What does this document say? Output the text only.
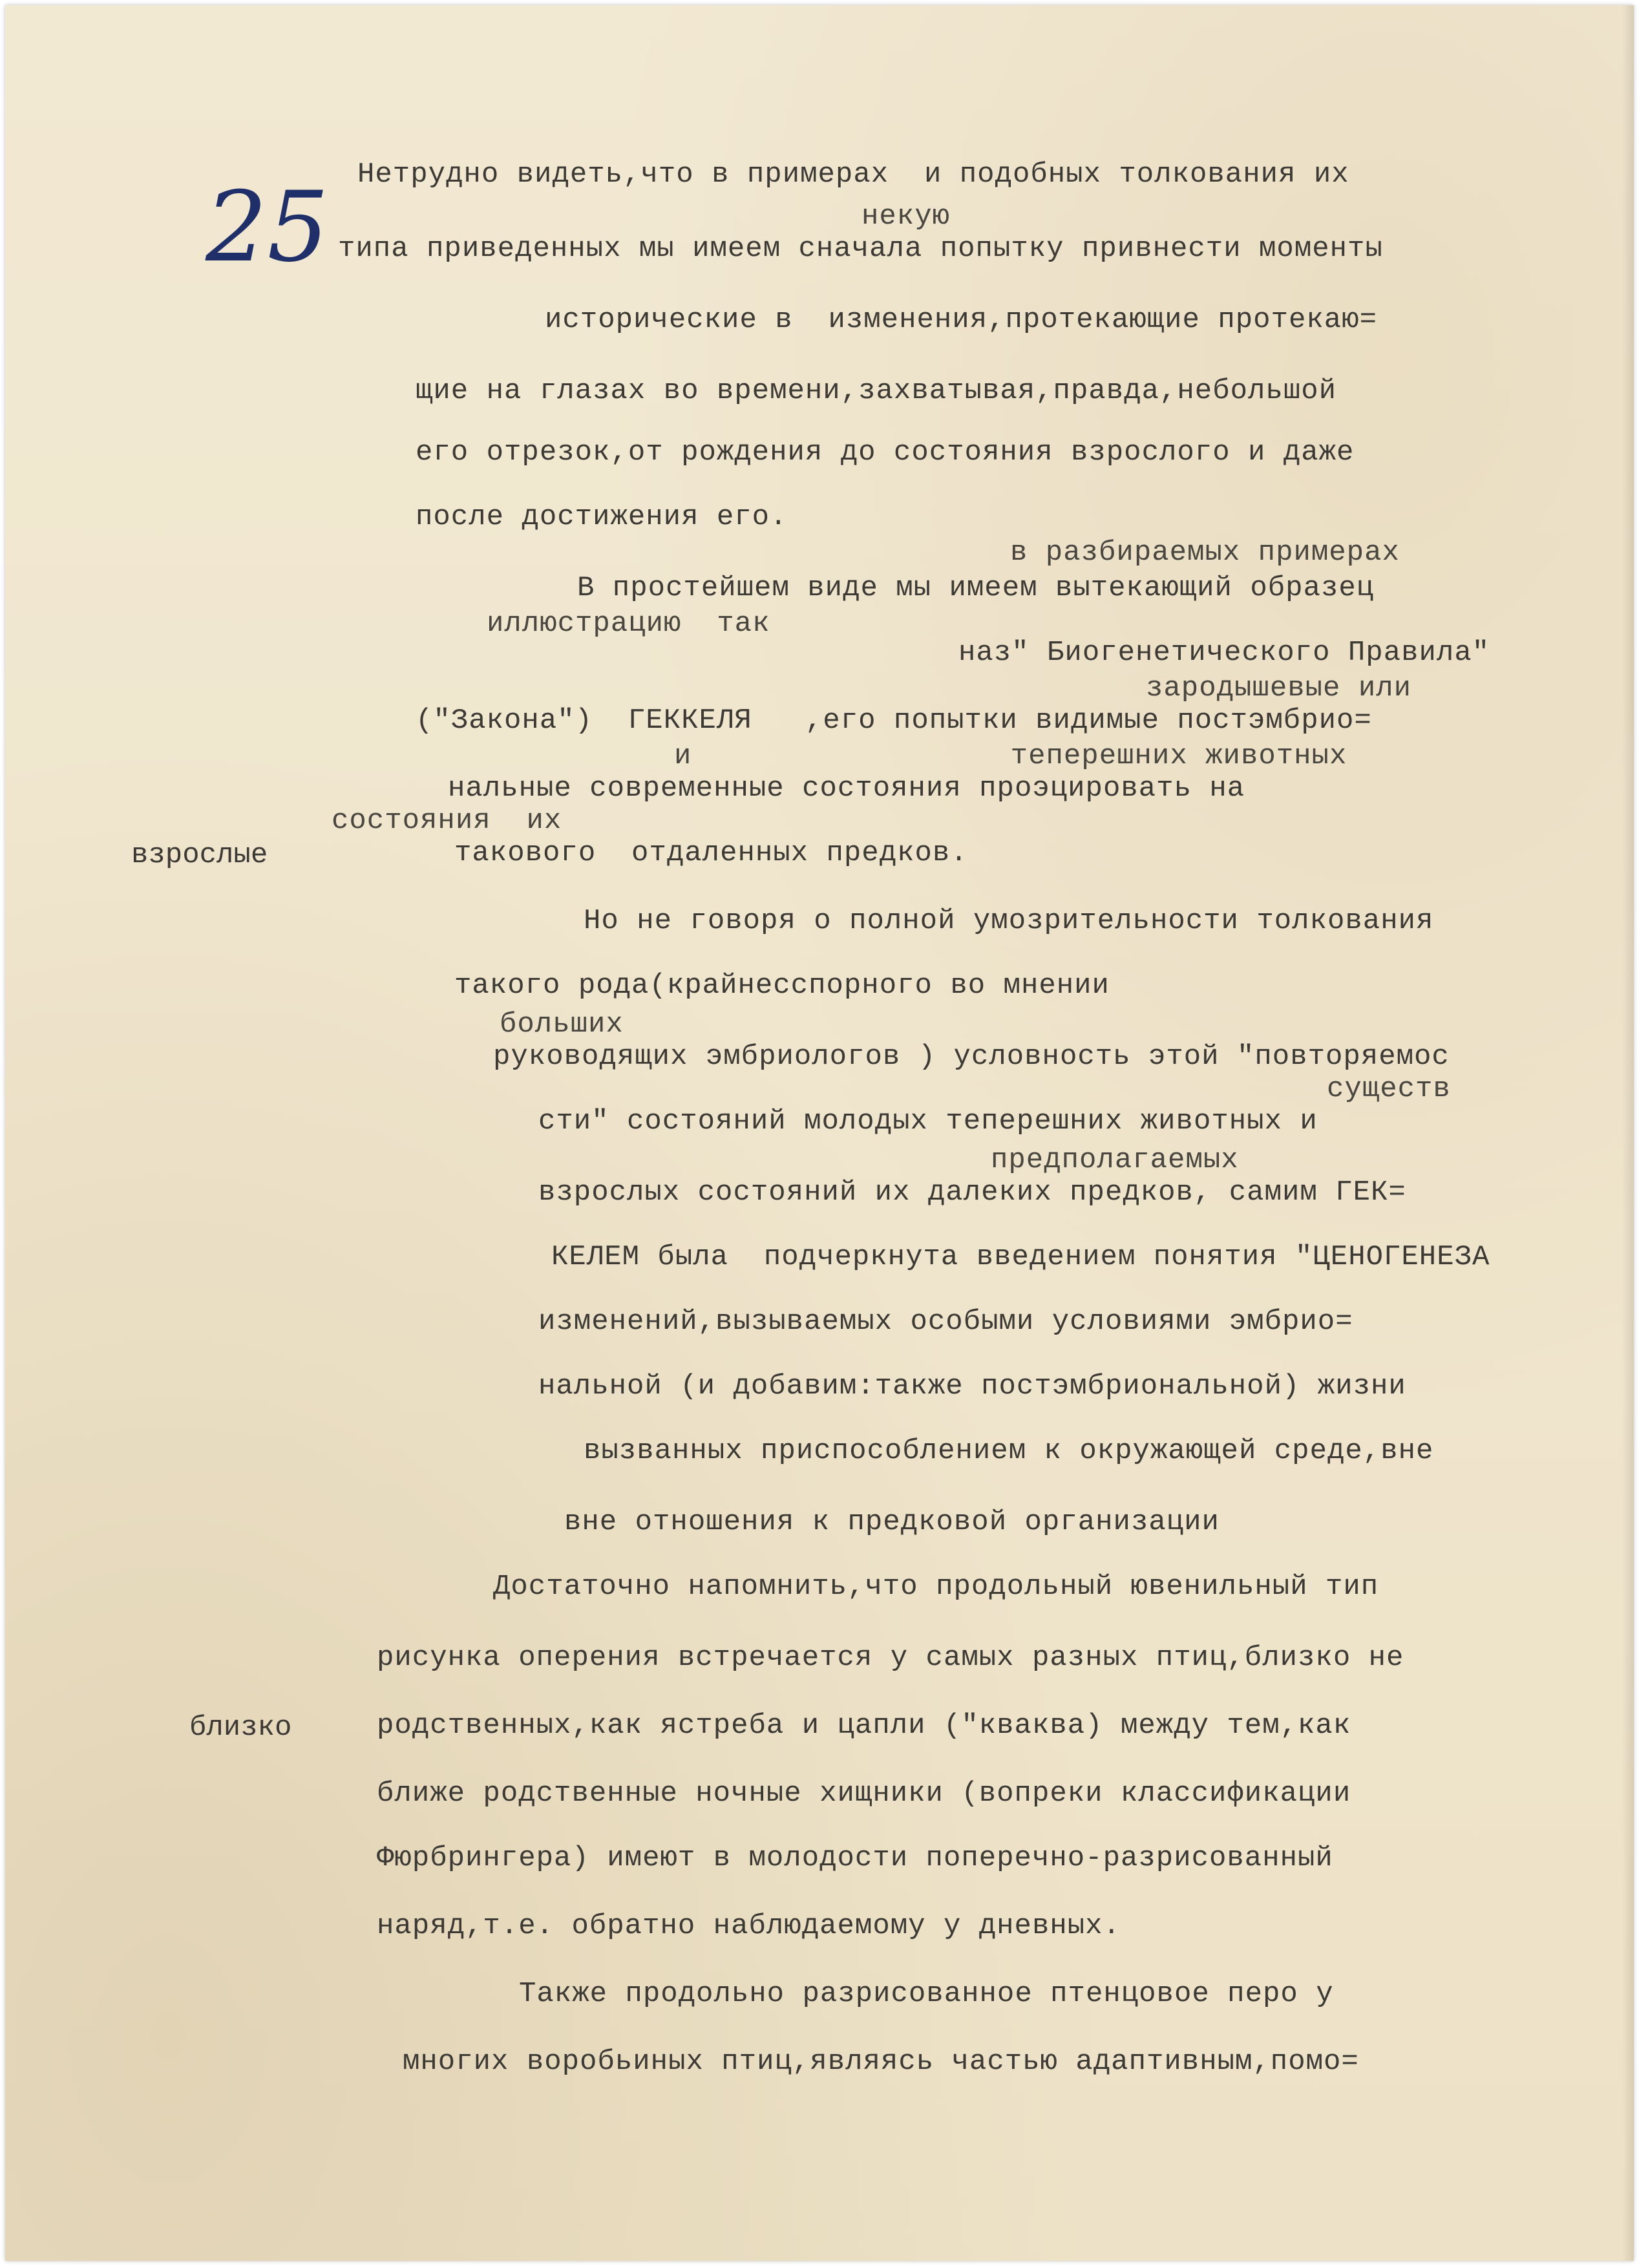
25 Нетрудно видеть,что в примерах  и подобных толкования их
некую
типа приведенных мы имеем сначала попытку привнести моменты
исторические в  изменения,протекающие протекаю=
щие на глазах во времени,захватывая,правда,небольшой
его отрезок,от рождения до состояния взрослого и даже
после достижения его.
в разбираемых примерах
В простейшем виде мы имеем вытекающий образец
иллюстрацию  так
наз" Биогенетического Правила"
зародышевые или
("Закона")  ГЕККЕЛЯ   ,его попытки видимые постэмбрио=
и                  теперешних животных
нальные современные состояния проэцировать на
состояния  их
взрослые	такового  отдаленных предков.
Но не говоря о полной умозрительности толкования
такого рода(крайнесспорного во мнении
больших
руководящих эмбриологов ) условность этой "повторяемос
существ
сти" состояний молодых теперешних животных и
предполагаемых
взрослых состояний их далеких предков, самим ГЕК=
КЕЛЕМ была  подчеркнута введением понятия "ЦЕНОГЕНЕЗА
изменений,вызываемых особыми условиями эмбрио=
нальной (и добавим:также постэмбриональной) жизни
вызванных приспособлением к окружающей среде,вне
вне отношения к предковой организации
Достаточно напомнить,что продольный ювенильный тип
рисунка оперения встречается у самых разных птиц,близко не
близко	родственных,как ястреба и цапли ("кваква) между тем,как
ближе родственные ночные хищники (вопреки классификации
Фюрбрингера) имеют в молодости поперечно-разрисованный
наряд,т.е. обратно наблюдаемому у дневных.
Также продольно разрисованное птенцовое перо у
многих воробьиных птиц,являясь частью адаптивным,помо=
